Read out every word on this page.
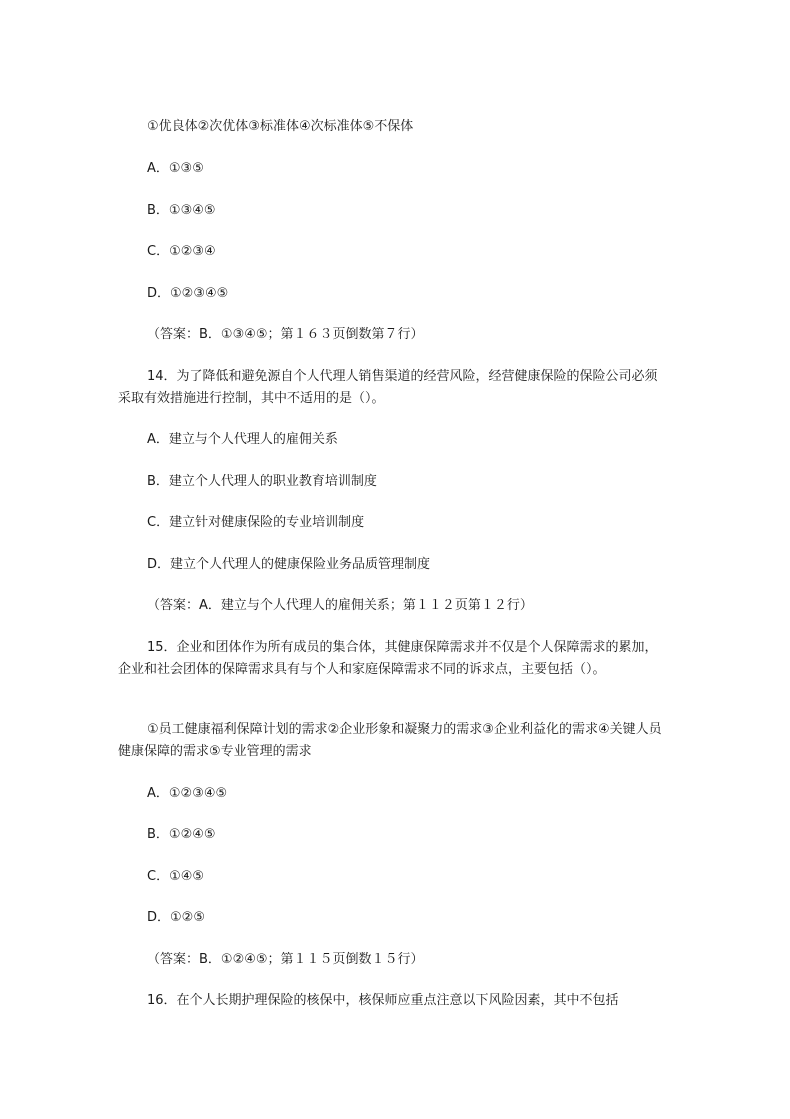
①优良体②次优体③标准体④次标准体⑤不保体
A．①③⑤
B．①③④⑤
C．①②③④
D．①②③④⑤
（答案：B．①③④⑤；第１６３页倒数第７行）
14．为了降低和避免源自个人代理人销售渠道的经营风险，经营健康保险的保险公司必须采取有效措施进行控制，其中不适用的是（）。
A．建立与个人代理人的雇佣关系
B．建立个人代理人的职业教育培训制度
C．建立针对健康保险的专业培训制度
D．建立个人代理人的健康保险业务品质管理制度
（答案：A．建立与个人代理人的雇佣关系；第１１２页第１２行）
15．企业和团体作为所有成员的集合体，其健康保障需求并不仅是个人保障需求的累加，企业和社会团体的保障需求具有与个人和家庭保障需求不同的诉求点，主要包括（）。
①员工健康福利保障计划的需求②企业形象和凝聚力的需求③企业利益化的需求④关键人员健康保障的需求⑤专业管理的需求
A．①②③④⑤
B．①②④⑤
C．①④⑤
D．①②⑤
（答案：B．①②④⑤；第１１５页倒数１５行）
16．在个人长期护理保险的核保中，核保师应重点注意以下风险因素，其中不包括
